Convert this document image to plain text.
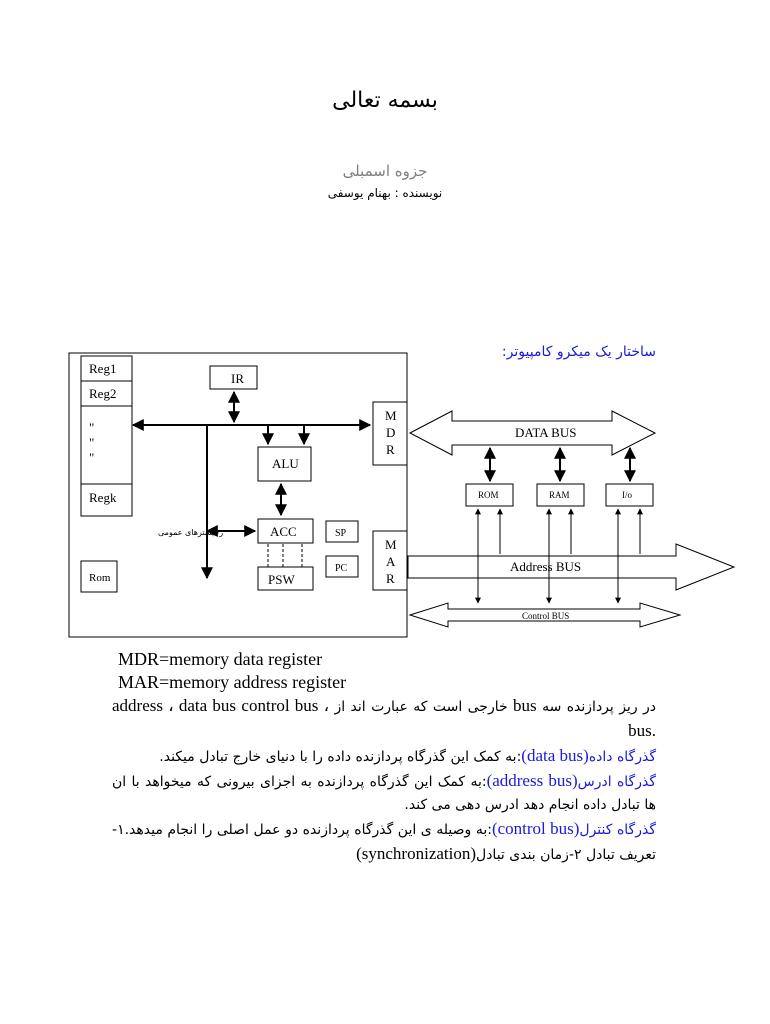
بسمه تعالی
جزوه اسمبلی
نویسنده : بهنام یوسفی
ساختار یک میکرو کامپیوتر:
Reg1
Reg2
"
"
"
Regk
رجیسترهای عمومی
Rom
IR
ALU
ACC
PSW
SP
PC
M
D
R
M
A
R
DATA BUS
Address BUS
Control BUS
ROM	RAM	I/o
MDR=memory data register
MAR=memory address register

در ریز پردازنده سه bus خارجی است که عبارت اند از address ، data bus control bus ، bus.

گذرگاه داده(data bus):به کمک این گذرگاه پردازنده داده را با دنیای خارج تبادل میکند.

گذرگاه ادرس(address bus):به کمک این گذرگاه پردازنده به اجزای بیرونی که میخواهد با ان ها تبادل داده انجام دهد ادرس دهی می کند.

گذرگاه کنترل(control bus):به وصیله ی این گذرگاه پردازنده دو عمل اصلی را انجام میدهد.۱- تعریف تبادل ۲-زمان بندی تبادل(synchronization)
